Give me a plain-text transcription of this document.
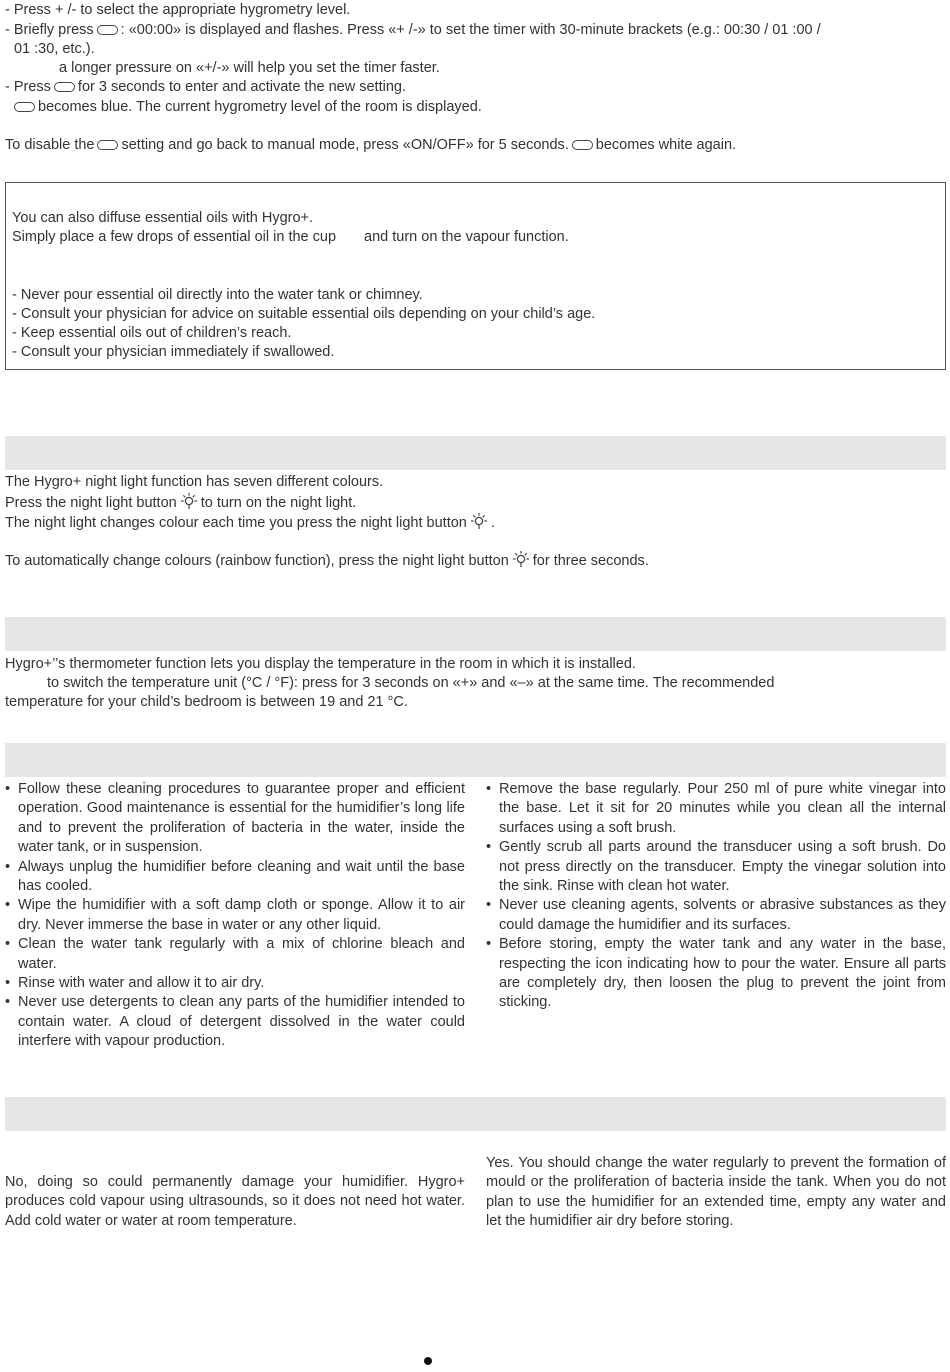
- Press + /- to select the appropriate hygrometry level.
- Briefly press : «00:00» is displayed and flashes. Press «+ /-» to set the timer with 30-minute brackets (e.g.: 00:30 / 01 :00 /
01 :30, etc.).
a longer pressure on «+/-» will help you set the timer faster.
- Press for 3 seconds to enter and activate the new setting.
becomes blue. The current hygrometry level of the room is displayed.
To disable the setting and go back to manual mode, press «ON/OFF» for 5 seconds. becomes white again.
You can also diffuse essential oils with Hygro+.
Simply place a few drops of essential oil in the cup and turn on the vapour function.
- Never pour essential oil directly into the water tank or chimney.
- Consult your physician for advice on suitable essential oils depending on your child’s age.
- Keep essential oils out of children’s reach.
- Consult your physician immediately if swallowed.
The Hygro+ night light function has seven different colours.
Press the night light button to turn on the night light.
The night light changes colour each time you press the night light button .
To automatically change colours (rainbow function), press the night light button for three seconds.
Hygro+’’s thermometer function lets you display the temperature in the room in which it is installed.
to switch the temperature unit (°C / °F): press for 3 seconds on «+» and «–» at the same time. The recommended
temperature for your child’s bedroom is between 19 and 21 °C.
• Follow these cleaning procedures to guarantee proper and efficient operation. Good maintenance is essential for the humidifier’s long life and to prevent the proliferation of bacteria in the water, inside the water tank, or in suspension.
• Always unplug the humidifier before cleaning and wait until the base has cooled.
• Wipe the humidifier with a soft damp cloth or sponge. Allow it to air dry. Never immerse the base in water or any other liquid.
• Clean the water tank regularly with a mix of chlorine bleach and water.
• Rinse with water and allow it to air dry.
• Never use detergents to clean any parts of the humidifier intended to contain water. A cloud of detergent dissolved in the water could interfere with vapour production.
• Remove the base regularly. Pour 250 ml of pure white vinegar into the base. Let it sit for 20 minutes while you clean all the internal surfaces using a soft brush.
• Gently scrub all parts around the transducer using a soft brush. Do not press directly on the transducer. Empty the vinegar solution into the sink. Rinse with clean hot water.
• Never use cleaning agents, solvents or abrasive substances as they could damage the humidifier and its surfaces.
• Before storing, empty the water tank and any water in the base, respecting the icon indicating how to pour the water. Ensure all parts are completely dry, then loosen the plug to prevent the joint from sticking.

No, doing so could permanently damage your humidifier. Hygro+ produces cold vapour using ultrasounds, so it does not need hot water. Add cold water or water at room temperature.

Yes. You should change the water regularly to prevent the formation of mould or the proliferation of bacteria inside the tank. When you do not plan to use the humidifier for an extended time, empty any water and let the humidifier air dry before storing.
